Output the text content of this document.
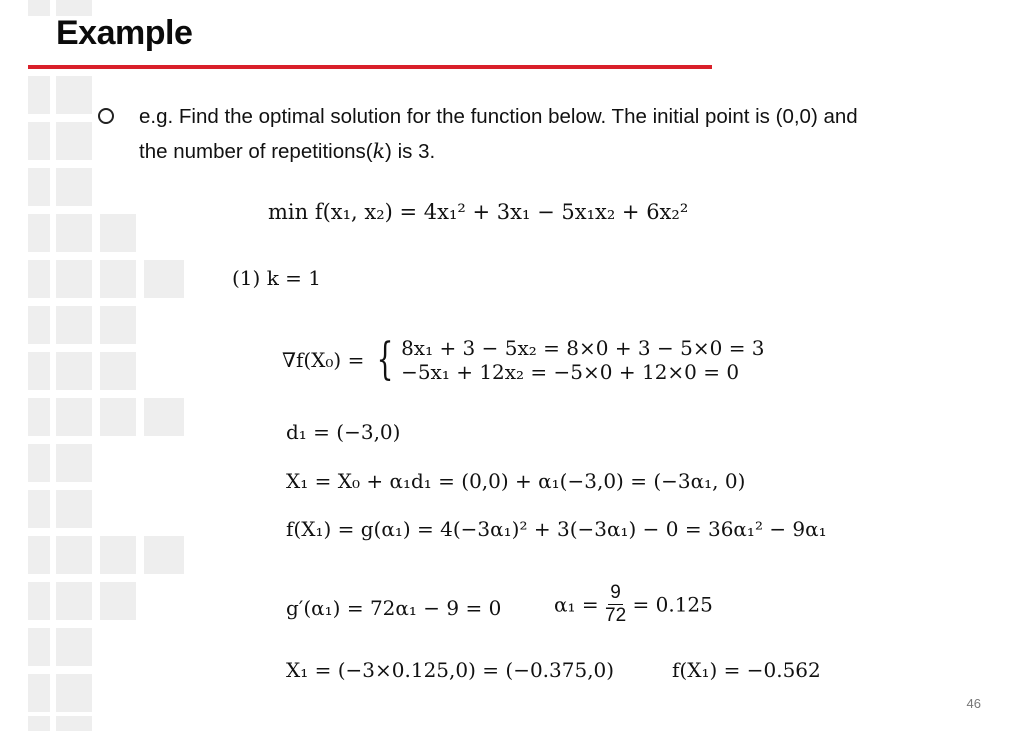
Example
e.g. Find the optimal solution for the function below. The initial point is (0,0) and
the number of repetitions(k) is 3.
min f(x₁, x₂) = 4x₁² + 3x₁ − 5x₁x₂ + 6x₂²
(1) k = 1
∇f(X₀) = { 8x₁ + 3 − 5x₂ = 8×0 + 3 − 5×0 = 3
−5x₁ + 12x₂ = −5×0 + 12×0 = 0
d₁ = (−3,0)
X₁ = X₀ + α₁d₁ = (0,0) + α₁(−3,0) = (−3α₁, 0)
f(X₁) = g(α₁) = 4(−3α₁)² + 3(−3α₁) − 0 = 36α₁² − 9α₁
g′(α₁) = 72α₁ − 9 = 0	$\alpha_1 = \frac{9}{72} = 0.125$
X₁ = (−3×0.125,0) = (−0.375,0)	f(X₁) = −0.562
46
